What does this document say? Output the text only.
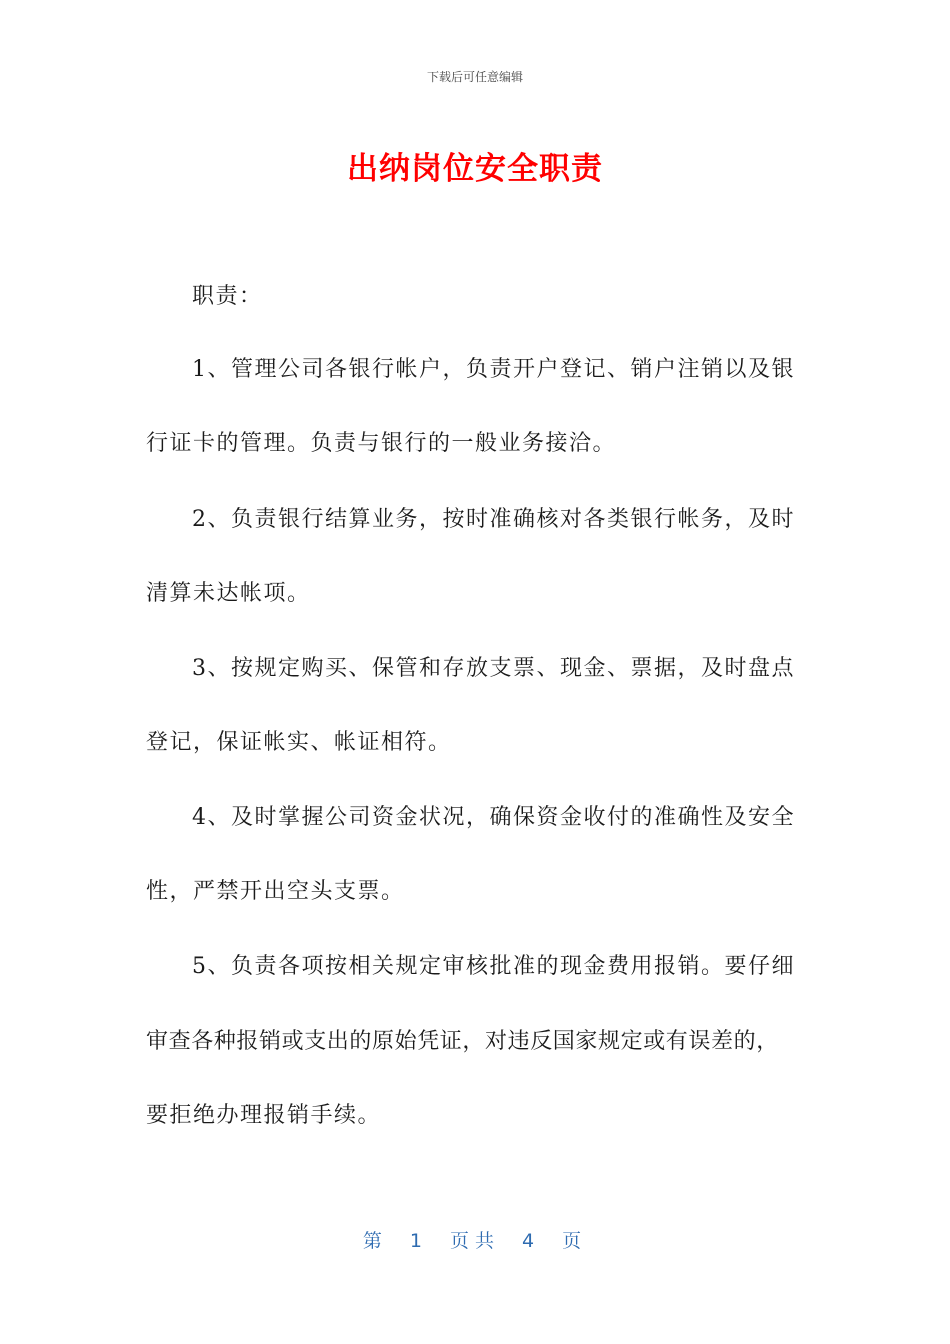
下载后可任意编辑
出纳岗位安全职责
职责：
1、管理公司各银行帐户，负责开户登记、销户注销以及银
行证卡的管理。负责与银行的一般业务接洽。
2、负责银行结算业务，按时准确核对各类银行帐务，及时
清算未达帐项。
3、按规定购买、保管和存放支票、现金、票据，及时盘点
登记，保证帐实、帐证相符。
4、及时掌握公司资金状况，确保资金收付的准确性及安全
性，严禁开出空头支票。
5、负责各项按相关规定审核批准的现金费用报销。要仔细
审查各种报销或支出的原始凭证，对违反国家规定或有误差的，
要拒绝办理报销手续。
第 1 页共 4 页
